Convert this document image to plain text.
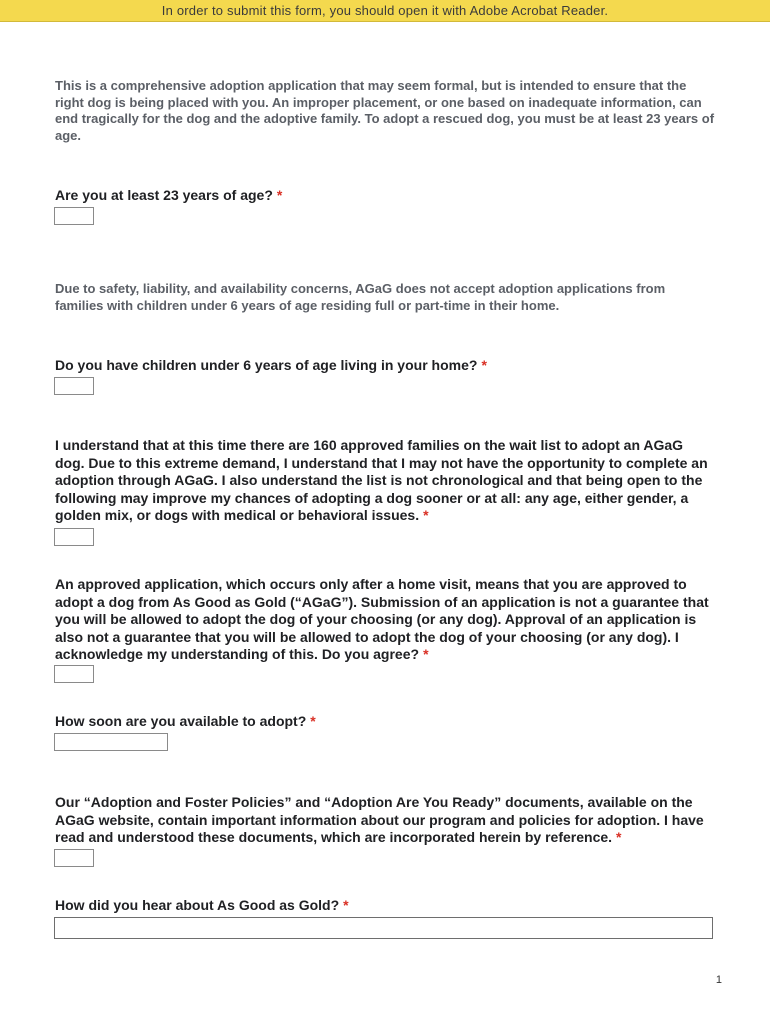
In order to submit this form, you should open it with Adobe Acrobat Reader.
This is a comprehensive adoption application that may seem formal, but is intended to ensure that the right dog is being placed with you. An improper placement, or one based on inadequate information, can end tragically for the dog and the adoptive family. To adopt a rescued dog, you must be at least 23 years of age.
Are you at least 23 years of age? *
Due to safety, liability, and availability concerns, AGaG does not accept adoption applications from families with children under 6 years of age residing full or part-time in their home.
Do you have children under 6 years of age living in your home? *
I understand that at this time there are 160 approved families on the wait list to adopt an AGaG dog. Due to this extreme demand, I understand that I may not have the opportunity to complete an adoption through AGaG. I also understand the list is not chronological and that being open to the following may improve my chances of adopting a dog sooner or at all: any age, either gender, a golden mix, or dogs with medical or behavioral issues. *
An approved application, which occurs only after a home visit, means that you are approved to adopt a dog from As Good as Gold (“AGaG”). Submission of an application is not a guarantee that you will be allowed to adopt the dog of your choosing (or any dog). Approval of an application is also not a guarantee that you will be allowed to adopt the dog of your choosing (or any dog). I acknowledge my understanding of this. Do you agree? *
How soon are you available to adopt? *
Our “Adoption and Foster Policies” and “Adoption Are You Ready” documents, available on the AGaG website, contain important information about our program and policies for adoption. I have read and understood these documents, which are incorporated herein by reference. *
How did you hear about As Good as Gold? *
1
